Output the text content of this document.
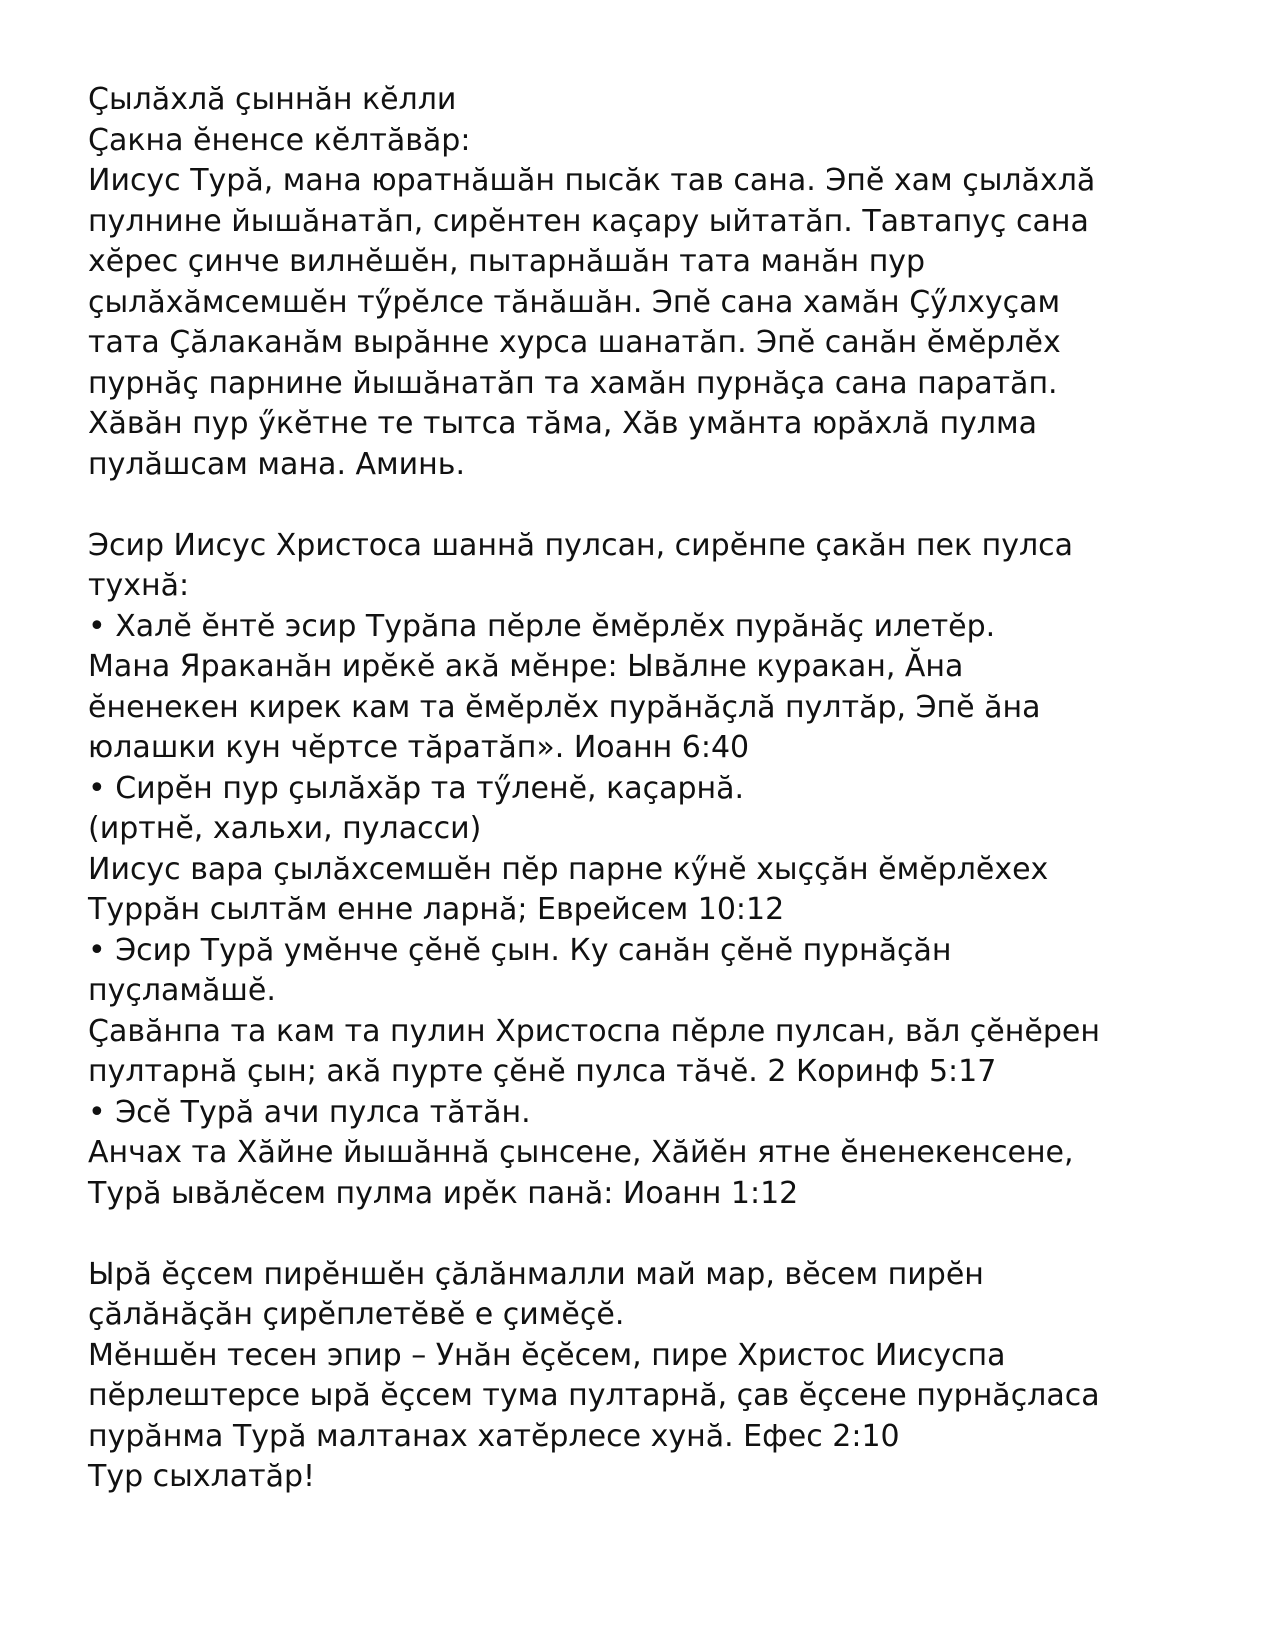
Çылăхлă çыннăн кĕлли
Çакна ĕненсе кĕлтăвăр:
Иисус Турă, мана юратнăшăн пысăк тав сана. Эпĕ хам çылăхлă
пулнине йышăнатăп, сирĕнтен каçару ыйтатăп. Тавтапуç сана
хĕрес çинче вилнĕшĕн, пытарнăшăн тата манăн пур
çылăхăмсемшĕн тӳрĕлсе тăнăшăн. Эпĕ сана хамăн Çӳлхуçам
тата Çăлаканăм вырăнне хурса шанатăп. Эпĕ санăн ĕмĕрлĕх
пурнăç парнине йышăнатăп та хамăн пурнăçа сана паратăп.
Хăвăн пур ӳкĕтне те тытса тăма, Хăв умăнта юрăхлă пулма
пулăшсам мана. Аминь.
Эсир Иисус Христоса шаннă пулсан, сирĕнпе çакăн пек пулса
тухнă:
• Халĕ ĕнтĕ эсир Турăпа пĕрле ĕмĕрлĕх пурăнăç илетĕр.
Мана Яраканăн ирĕкĕ акă мĕнре: Ывăлне куракан, Ăна
ĕненекен кирек кам та ĕмĕрлĕх пурăнăçлă пултăр, Эпĕ ăна
юлашки кун чĕртсе тăратăп». Иоанн 6:40
• Сирĕн пур çылăхăр та тӳленĕ, каçарнă.
(иртнĕ, хальхи, пуласси)
Иисус вара çылăхсемшĕн пĕр парне кӳнĕ хыççăн ĕмĕрлĕхех
Туррăн сылтăм енне ларнă; Еврейсем 10:12
• Эсир Турă умĕнче çĕнĕ çын. Ку санăн çĕнĕ пурнăçăн
пуçламăшĕ.
Çавăнпа та кам та пулин Христоспа пĕрле пулсан, вăл çĕнĕрен
пултарнă çын; акă пурте çĕнĕ пулса тăчĕ. 2 Коринф 5:17
• Эсĕ Турă ачи пулса тăтăн.
Анчах та Хăйне йышăннă çынсене, Хăйĕн ятне ĕненекенсене,
Турă ывăлĕсем пулма ирĕк панă: Иоанн 1:12
Ырă ĕçсем пирĕншĕн çăлăнмалли май мар, вĕсем пирĕн
çăлăнăçăн çирĕплетĕвĕ е çимĕçĕ.
Мĕншĕн тесен эпир – Унăн ĕçĕсем, пире Христос Иисуспа
пĕрлештерсе ырă ĕçсем тума пултарнă, çав ĕçсене пурнăçласа
пурăнма Турă малтанах хатĕрлесе хунă. Ефес 2:10
Тур сыхлатăр!
